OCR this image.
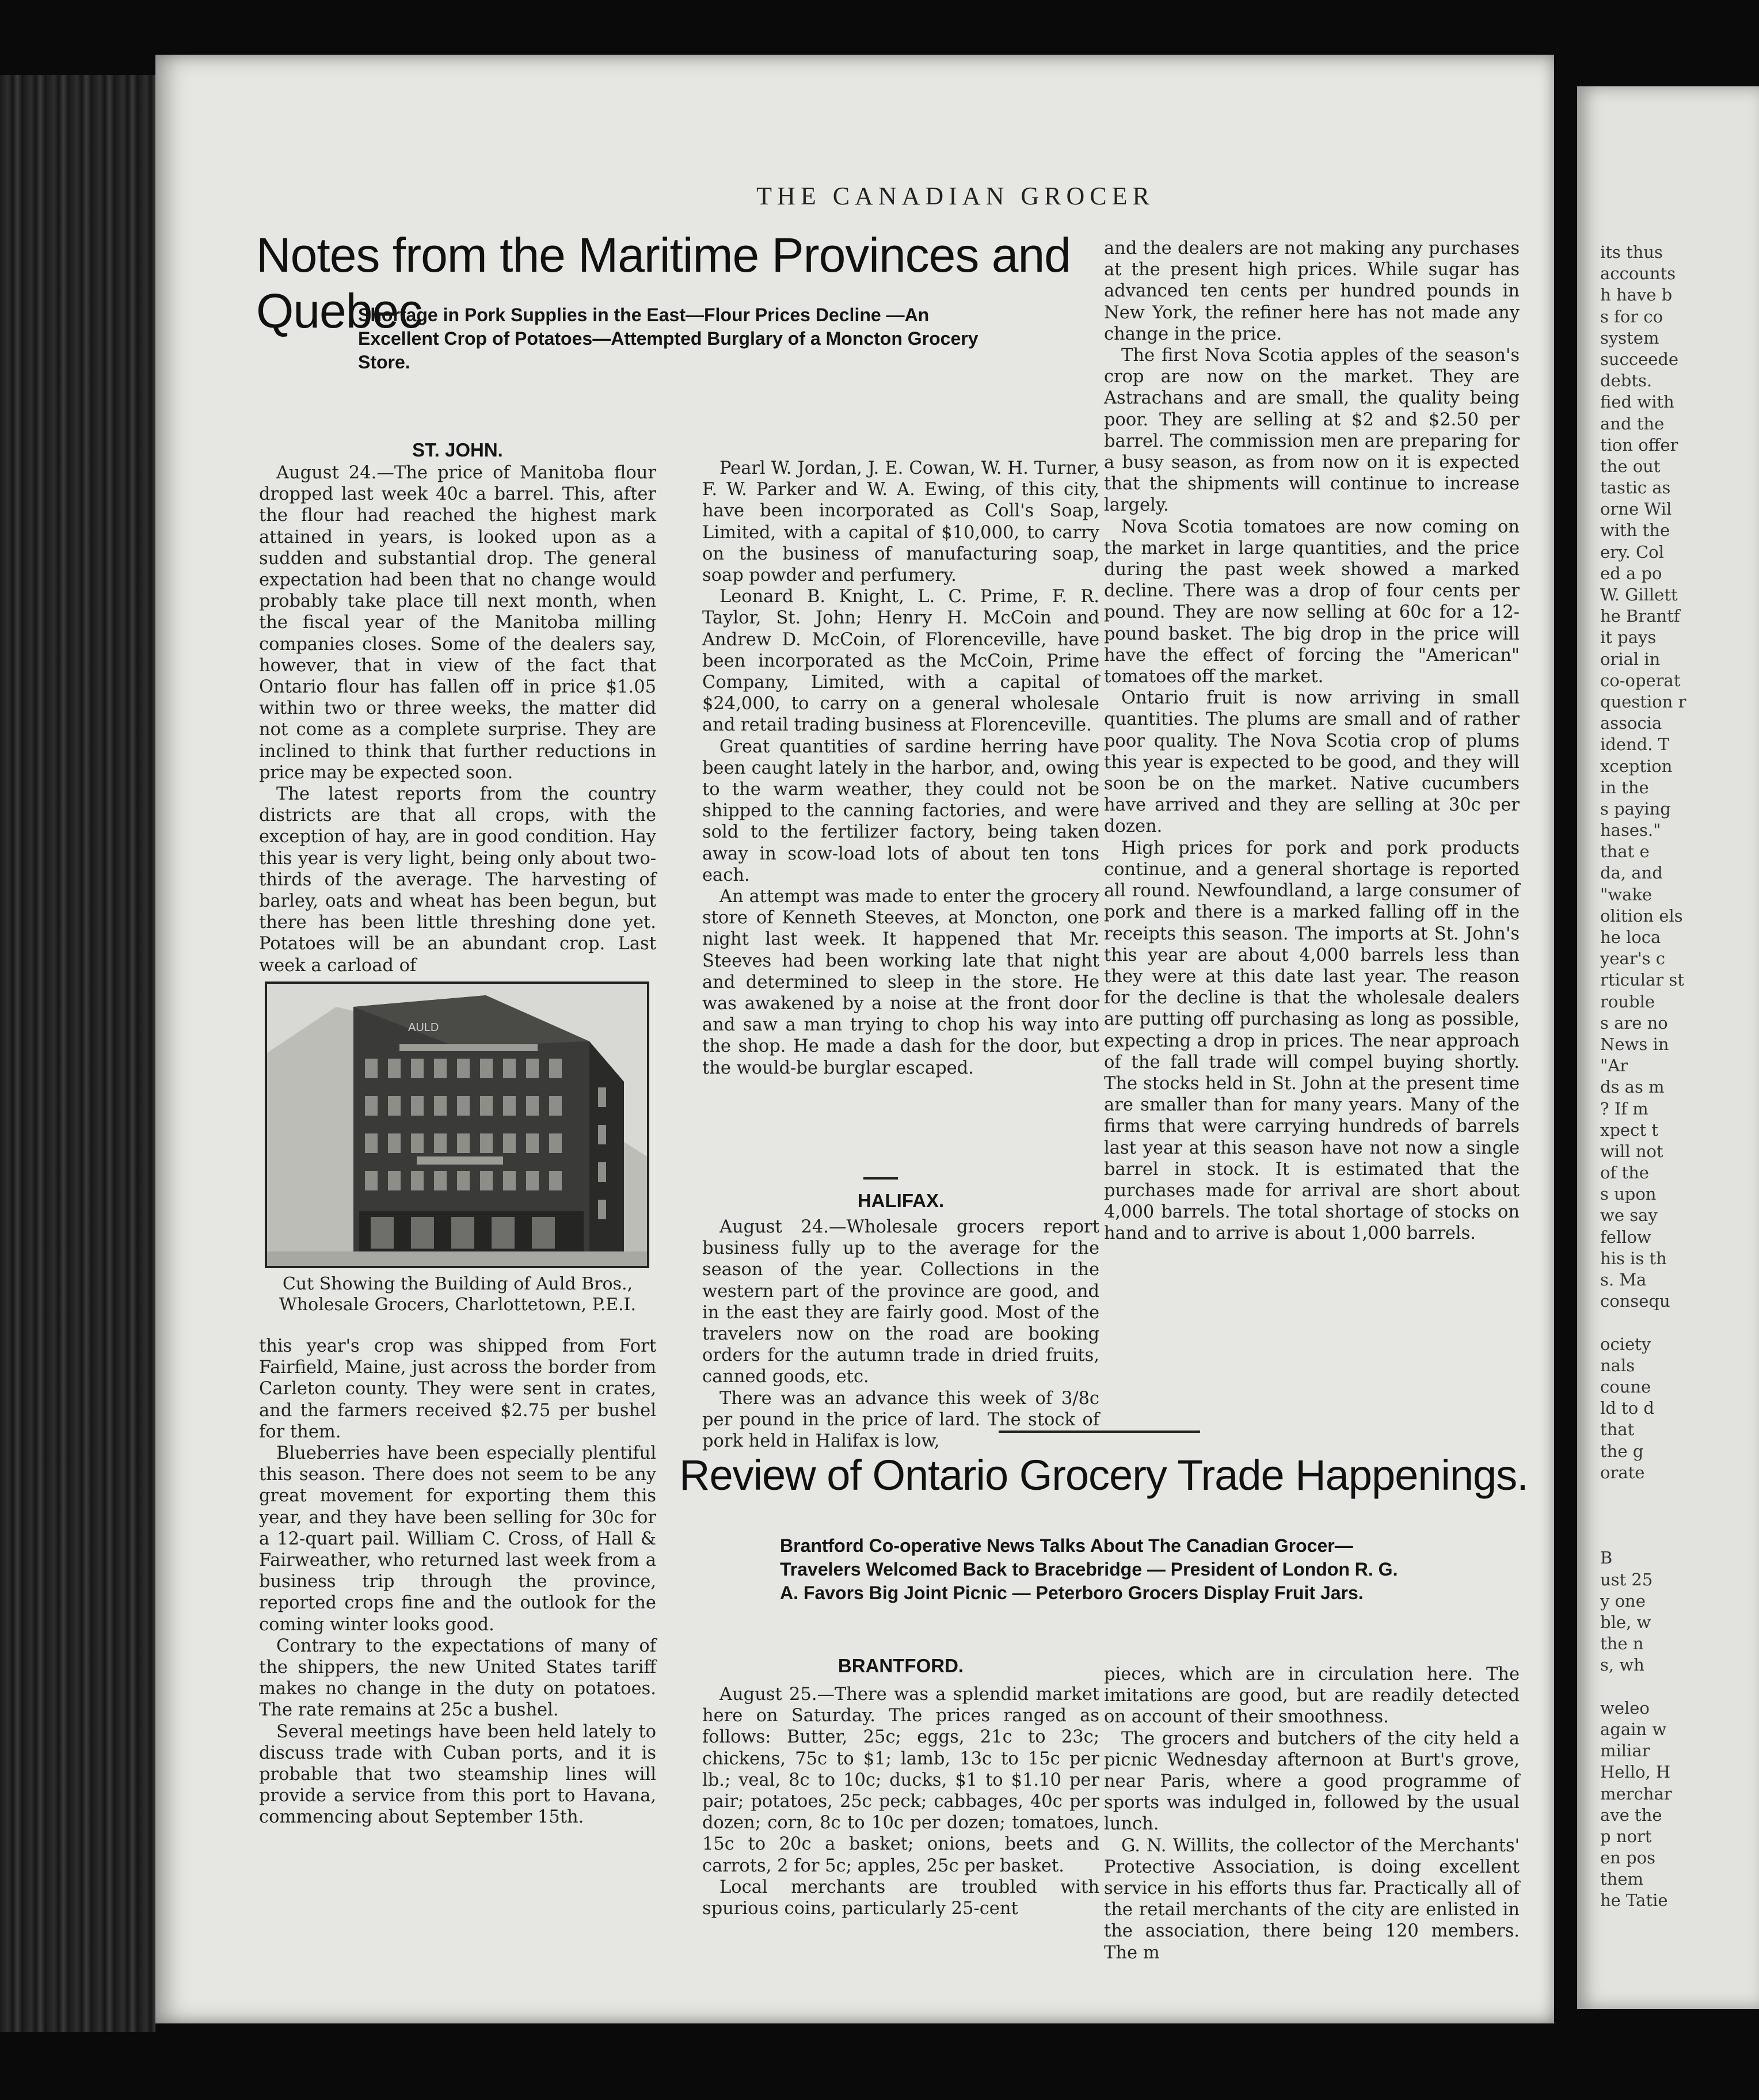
THE CANADIAN GROCER
Notes from the Maritime Provinces and Quebec
Shortage in Pork Supplies in the East—Flour Prices Decline —An Excellent Crop of Potatoes—Attempted Burglary of a Moncton Grocery Store.
ST. JOHN.

August 24.—The price of Manitoba flour dropped last week 40c a barrel. This, after the flour had reached the highest mark attained in years, is looked upon as a sudden and substantial drop. The general expectation had been that no change would probably take place till next month, when the fiscal year of the Manitoba milling companies closes. Some of the dealers say, however, that in view of the fact that Ontario flour has fallen off in price $1.05 within two or three weeks, the matter did not come as a complete surprise. They are inclined to think that further reductions in price may be expected soon.

The latest reports from the country districts are that all crops, with the exception of hay, are in good condition. Hay this year is very light, being only about two-thirds of the average. The harvesting of barley, oats and wheat has been begun, but there has been little threshing done yet. Potatoes will be an abundant crop. Last week a carload of

AULD
Cut Showing the Building of Auld Bros., Wholesale Grocers, Charlottetown, P.E.I.

this year's crop was shipped from Fort Fairfield, Maine, just across the border from Carleton county. They were sent in crates, and the farmers received $2.75 per bushel for them.

Blueberries have been especially plentiful this season. There does not seem to be any great movement for exporting them this year, and they have been selling for 30c for a 12-quart pail. William C. Cross, of Hall & Fairweather, who returned last week from a business trip through the province, reported crops fine and the outlook for the coming winter looks good.

Contrary to the expectations of many of the shippers, the new United States tariff makes no change in the duty on potatoes. The rate remains at 25c a bushel.

Several meetings have been held lately to discuss trade with Cuban ports, and it is probable that two steamship lines will provide a service from this port to Havana, commencing about September 15th.

Pearl W. Jordan, J. E. Cowan, W. H. Turner, F. W. Parker and W. A. Ewing, of this city, have been incorporated as Coll's Soap, Limited, with a capital of $10,000, to carry on the business of manufacturing soap, soap powder and perfumery.

Leonard B. Knight, L. C. Prime, F. R. Taylor, St. John; Henry H. McCoin and Andrew D. McCoin, of Florenceville, have been incorporated as the McCoin, Prime Company, Limited, with a capital of $24,000, to carry on a general wholesale and retail trading business at Florenceville.

Great quantities of sardine herring have been caught lately in the harbor, and, owing to the warm weather, they could not be shipped to the canning factories, and were sold to the fertilizer factory, being taken away in scow-load lots of about ten tons each.

An attempt was made to enter the grocery store of Kenneth Steeves, at Moncton, one night last week. It happened that Mr. Steeves had been working late that night and determined to sleep in the store. He was awakened by a noise at the front door and saw a man trying to chop his way into the shop. He made a dash for the door, but the would-be burglar escaped.

HALIFAX.

August 24.—Wholesale grocers report business fully up to the average for the season of the year. Collections in the western part of the province are good, and in the east they are fairly good. Most of the travelers now on the road are booking orders for the autumn trade in dried fruits, canned goods, etc.

There was an advance this week of 3/8c per pound in the price of lard. The stock of pork held in Halifax is low,

and the dealers are not making any purchases at the present high prices. While sugar has advanced ten cents per hundred pounds in New York, the refiner here has not made any change in the price.

The first Nova Scotia apples of the season's crop are now on the market. They are Astrachans and are small, the quality being poor. They are selling at $2 and $2.50 per barrel. The commission men are preparing for a busy season, as from now on it is expected that the shipments will continue to increase largely.

Nova Scotia tomatoes are now coming on the market in large quantities, and the price during the past week showed a marked decline. There was a drop of four cents per pound. They are now selling at 60c for a 12-pound basket. The big drop in the price will have the effect of forcing the "American" tomatoes off the market.

Ontario fruit is now arriving in small quantities. The plums are small and of rather poor quality. The Nova Scotia crop of plums this year is expected to be good, and they will soon be on the market. Native cucumbers have arrived and they are selling at 30c per dozen.

High prices for pork and pork products continue, and a general shortage is reported all round. Newfoundland, a large consumer of pork and there is a marked falling off in the receipts this season. The imports at St. John's this year are about 4,000 barrels less than they were at this date last year. The reason for the decline is that the wholesale dealers are putting off purchasing as long as possible, expecting a drop in prices. The near approach of the fall trade will compel buying shortly. The stocks held in St. John at the present time are smaller than for many years. Many of the firms that were carrying hundreds of barrels last year at this season have not now a single barrel in stock. It is estimated that the purchases made for arrival are short about 4,000 barrels. The total shortage of stocks on hand and to arrive is about 1,000 barrels.

Review of Ontario Grocery Trade Happenings.
Brantford Co-operative News Talks About The Canadian Grocer—Travelers Welcomed Back to Bracebridge — President of London R. G. A. Favors Big Joint Picnic — Peterboro Grocers Display Fruit Jars.
BRANTFORD.

August 25.—There was a splendid market here on Saturday. The prices ranged as follows: Butter, 25c; eggs, 21c to 23c; chickens, 75c to $1; lamb, 13c to 15c per lb.; veal, 8c to 10c; ducks, $1 to $1.10 per pair; potatoes, 25c peck; cabbages, 40c per dozen; corn, 8c to 10c per dozen; tomatoes, 15c to 20c a basket; onions, beets and carrots, 2 for 5c; apples, 25c per basket.

Local merchants are troubled with spurious coins, particularly 25-cent

pieces, which are in circulation here. The imitations are good, but are readily detected on account of their smoothness.

The grocers and butchers of the city held a picnic Wednesday afternoon at Burt's grove, near Paris, where a good programme of sports was indulged in, followed by the usual lunch.

G. N. Willits, the collector of the Merchants' Protective Association, is doing excellent service in his efforts thus far. Practically all of the retail merchants of the city are enlisted in the association, there being 120 members. The m

its thus
accounts
h have b
s for co
system
succeede
debts.
fied with
and the
tion offer
the out
tastic as
orne Wil
with the
ery. Col
ed a po
W. Gillett
he Brantf
it pays
orial in
co-operat
question r
associa
idend. T
xception
in the
s paying
hases."
that e
da, and
"wake
olition els
he loca
year's c
rticular st
rouble
s are no
News in
"Ar
ds as m
? If m
xpect t
will not
of the
s upon
we say
fellow
his is th
s. Ma
consequ
ociety
nals
coune
ld to d
that
the g
orate
B
ust 25
y one
ble, w
the n
s, wh
weleo
again w
miliar
Hello, H
merchar
ave the
p nort
en pos
them
he Tatie
